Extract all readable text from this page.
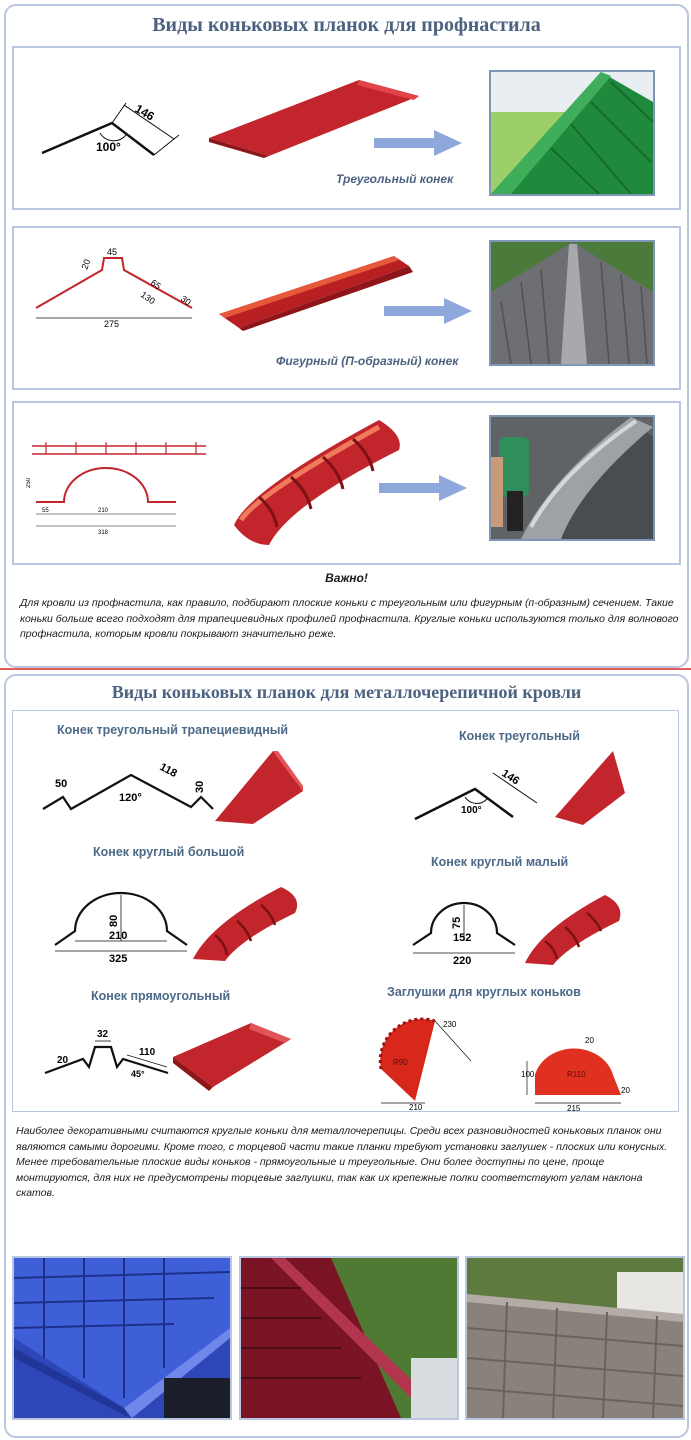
Виды коньковых планок для профнастила
146
100°
Треугольный конек
45
20
65
30
130
275
Фигурный (П-образный) конек
250
55	210
318
Важно!
Для кровли из профнастила, как правило, подбирают плоские коньки с треугольным или фигурным (п-образным) сечением. Такие коньки больше всего подходят для трапециевидных профилей профнастила. Круглые коньки используются только для волнового профнастила, которым кровли покрывают значительно реже.
Виды коньковых планок для металлочерепичной кровли
Конек треугольный трапециевидный
50
118
30
120°
Конек треугольный
146
100°
Конек круглый большой
80
210
325
Конек круглый малый
75
152
220
Конек прямоугольный
32
20
110
45°
Заглушки для круглых коньков
230
R90
210
20
100	R110
215
20
Наиболее декоративными считаются круглые коньки для металлочерепицы. Среди всех разновидностей коньковых планок они являются самыми дорогими. Кроме того, с торцевой части такие планки требуют установки заглушек - плоских или конусных. Менее требовательные плоские виды коньков - прямоугольные и треугольные. Они более доступны по цене, проще монтируются, для них не предусмотрены торцевые заглушки, так как их крепежные полки соответствуют углам наклона скатов.
